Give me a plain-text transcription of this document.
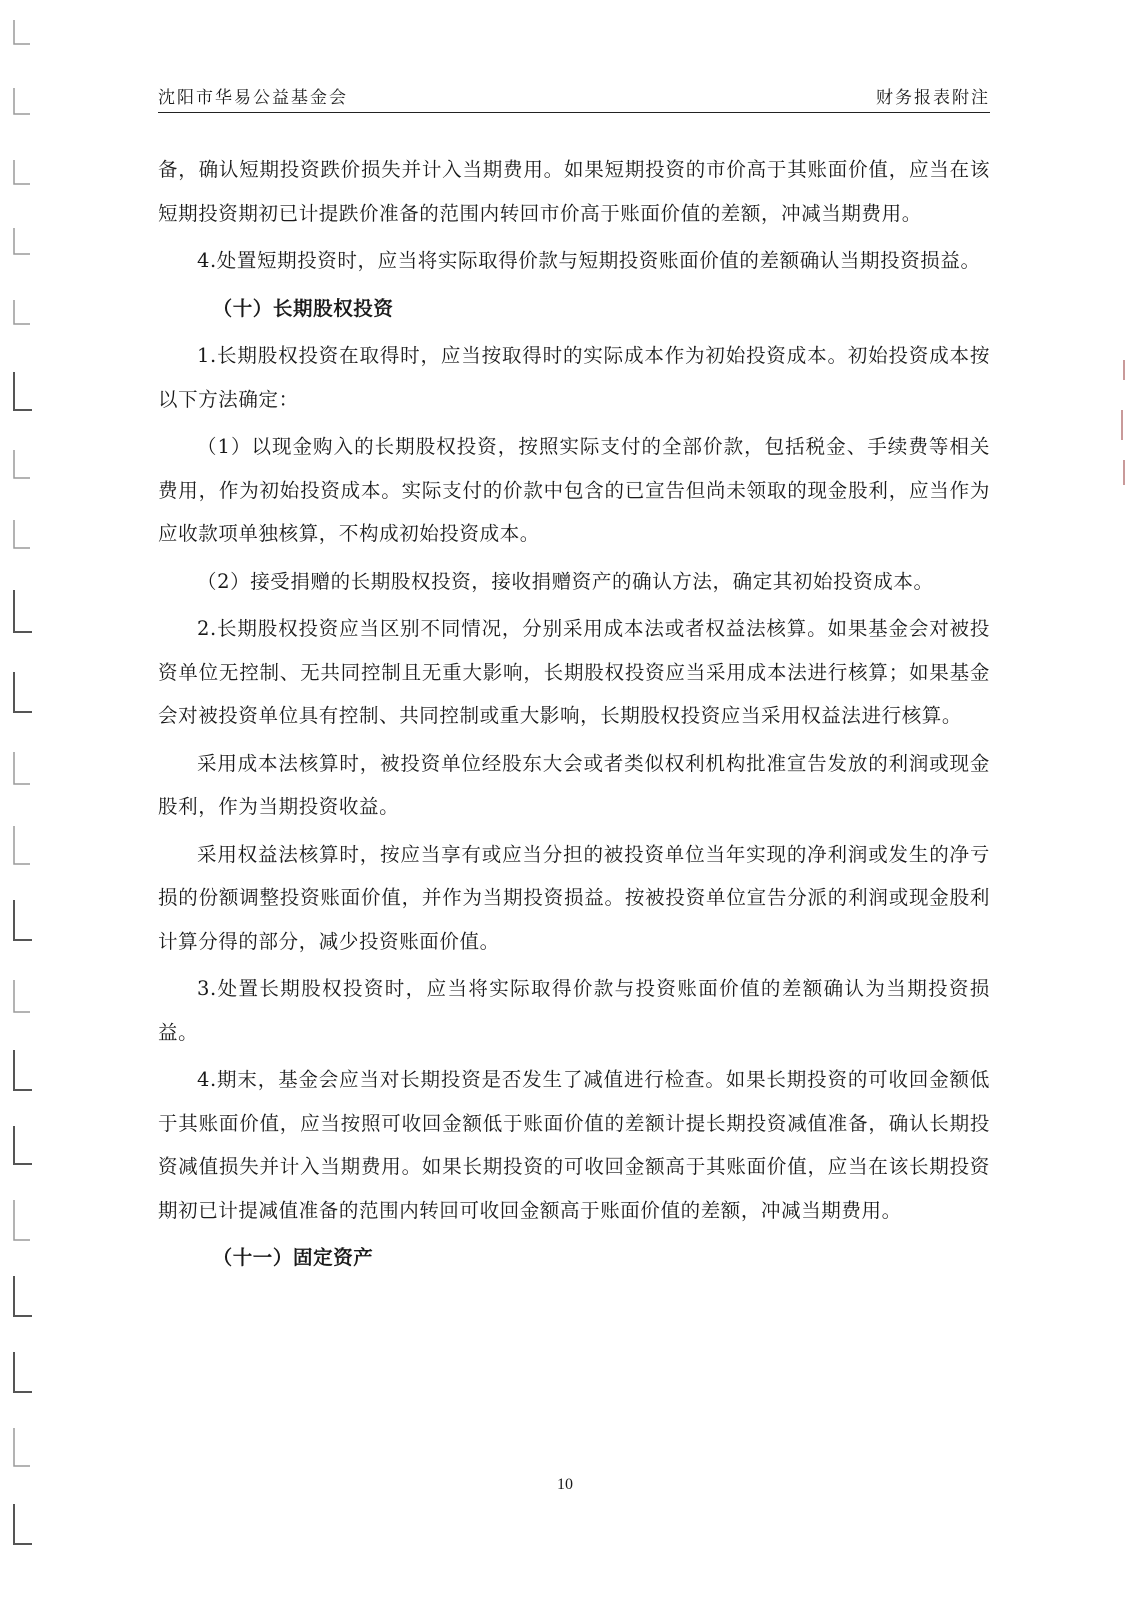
沈阳市华易公益基金会	财务报表附注

备，确认短期投资跌价损失并计入当期费用。如果短期投资的市价高于其账面价值，应当在该短期投资期初已计提跌价准备的范围内转回市价高于账面价值的差额，冲减当期费用。

4.处置短期投资时，应当将实际取得价款与短期投资账面价值的差额确认当期投资损益。

（十）长期股权投资

1.长期股权投资在取得时，应当按取得时的实际成本作为初始投资成本。初始投资成本按以下方法确定：

（1）以现金购入的长期股权投资，按照实际支付的全部价款，包括税金、手续费等相关费用，作为初始投资成本。实际支付的价款中包含的已宣告但尚未领取的现金股利，应当作为应收款项单独核算，不构成初始投资成本。

（2）接受捐赠的长期股权投资，接收捐赠资产的确认方法，确定其初始投资成本。

2.长期股权投资应当区别不同情况，分别采用成本法或者权益法核算。如果基金会对被投资单位无控制、无共同控制且无重大影响，长期股权投资应当采用成本法进行核算；如果基金会对被投资单位具有控制、共同控制或重大影响，长期股权投资应当采用权益法进行核算。

采用成本法核算时，被投资单位经股东大会或者类似权利机构批准宣告发放的利润或现金股利，作为当期投资收益。

采用权益法核算时，按应当享有或应当分担的被投资单位当年实现的净利润或发生的净亏损的份额调整投资账面价值，并作为当期投资损益。按被投资单位宣告分派的利润或现金股利计算分得的部分，减少投资账面价值。

3.处置长期股权投资时，应当将实际取得价款与投资账面价值的差额确认为当期投资损益。

4.期末，基金会应当对长期投资是否发生了减值进行检查。如果长期投资的可收回金额低于其账面价值，应当按照可收回金额低于账面价值的差额计提长期投资减值准备，确认长期投资减值损失并计入当期费用。如果长期投资的可收回金额高于其账面价值，应当在该长期投资期初已计提减值准备的范围内转回可收回金额高于账面价值的差额，冲减当期费用。

（十一）固定资产

10
